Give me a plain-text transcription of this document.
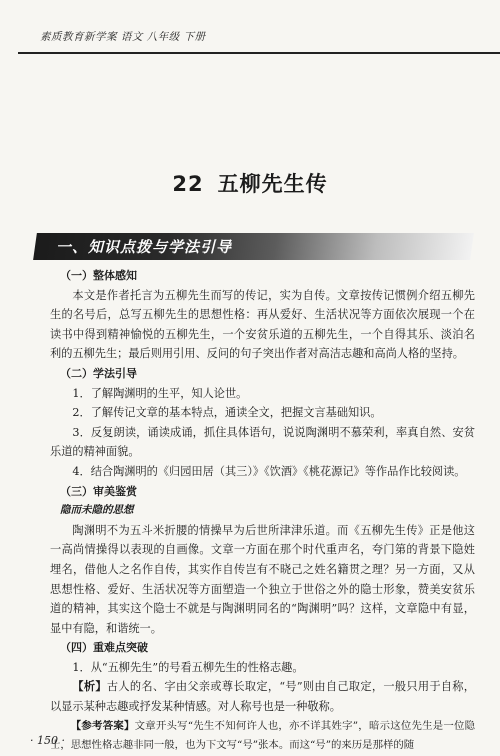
素质教育新学案 语文 八年级 下册
22 五柳先生传
一、知识点拨与学法引导

（一）整体感知

本文是作者托言为五柳先生而写的传记，实为自传。文章按传记惯例介绍五柳先生的名号后，总写五柳先生的思想性格：再从爱好、生活状况等方面依次展现一个在读书中得到精神愉悦的五柳先生，一个安贫乐道的五柳先生，一个自得其乐、淡泊名利的五柳先生；最后则用引用、反问的句子突出作者对高洁志趣和高尚人格的坚持。

（二）学法引导

1．了解陶渊明的生平，知人论世。

2．了解传记文章的基本特点，通读全文，把握文言基础知识。

3．反复朗读，诵读成诵，抓住具体语句，说说陶渊明不慕荣利，率真自然、安贫乐道的精神面貌。

4．结合陶渊明的《归园田居（其三）》《饮酒》《桃花源记》等作品作比较阅读。

（三）审美鉴赏

隐而未隐的思想

陶渊明不为五斗米折腰的情操早为后世所津津乐道。而《五柳先生传》正是他这一高尚情操得以表现的自画像。文章一方面在那个时代重声名，夸门第的背景下隐姓埋名，借他人之名作自传，其实作自传岂有不晓己之姓名籍贯之理？另一方面，又从思想性格、爱好、生活状况等方面塑造一个独立于世俗之外的隐士形象，赞美安贫乐道的精神，其实这个隐士不就是与陶渊明同名的“陶渊明”吗？这样，文章隐中有显，显中有隐，和谐统一。

（四）重难点突破

1．从“五柳先生”的号看五柳先生的性格志趣。

【析】古人的名、字由父亲或尊长取定，“号”则由自己取定，一般只用于自称，以显示某种志趣或抒发某种情感。对人称号也是一种敬称。

【参考答案】文章开头写“先生不知何许人也，亦不详其姓字”，暗示这位先生是一位隐士，思想性格志趣非同一般，也为下文写“号”张本。而这“号”的来历是那样的随

· 150 ·
